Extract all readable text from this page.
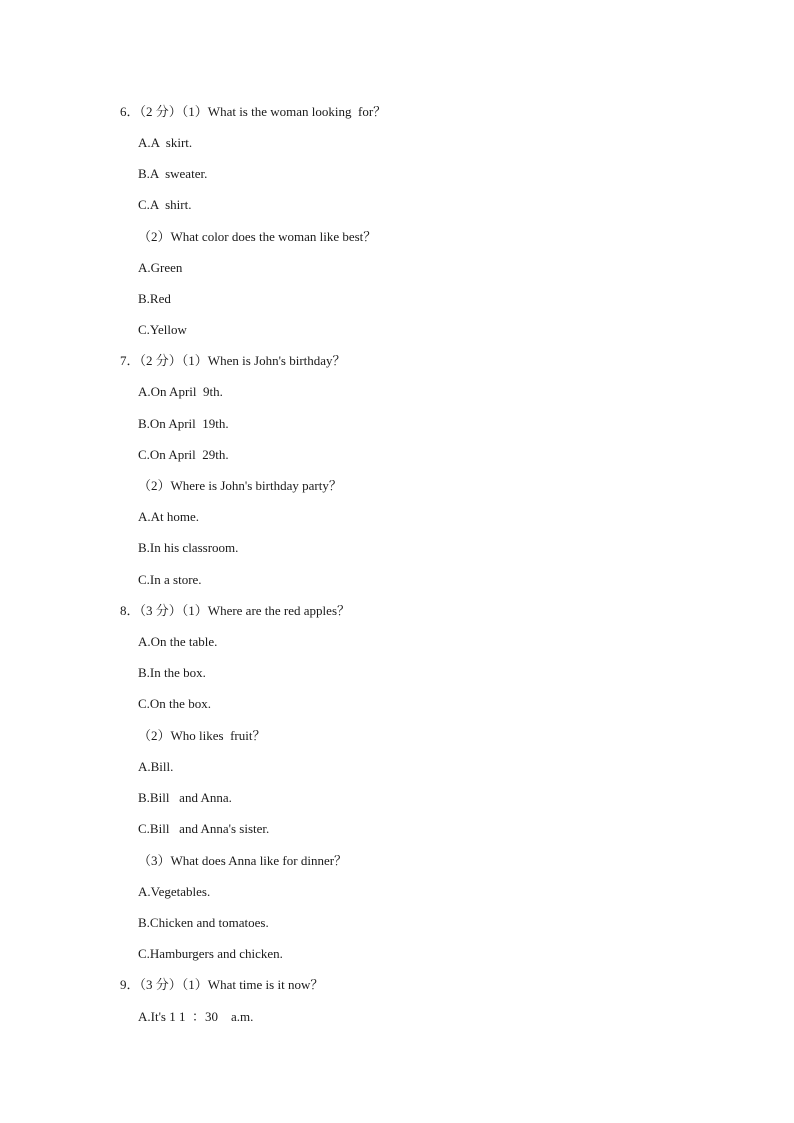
6．（2 分）（1）What is the woman looking  for？
A.A  skirt.
B.A  sweater.
C.A  shirt.
（2）What color does the woman like best？
A.Green
B.Red
C.Yellow
7．（2 分）（1）When is John's birthday？
A.On April  9th.
B.On April  19th.
C.On April  29th.
（2）Where is John's birthday party？
A.At home.
B.In his classroom.
C.In a store.
8．（3 分）（1）Where are the red apples？
A.On the table.
B.In the box.
C.On the box.
（2）Who likes  fruit？
A.Bill.
B.Bill   and Anna.
C.Bill   and Anna's sister.
（3）What does Anna like for dinner？
A.Vegetables.
B.Chicken and tomatoes.
C.Hamburgers and chicken.
9．（3 分）（1）What time is it now？
A.It's 1 1  ：30    a.m.
